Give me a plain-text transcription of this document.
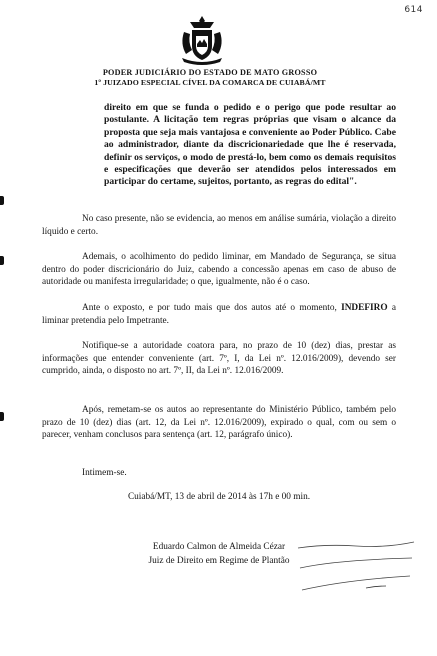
614
PODER JUDICIÁRIO DO ESTADO DE MATO GROSSO
1º JUIZADO ESPECIAL CÍVEL DA COMARCA DE CUIABÁ/MT

direito em que se funda o pedido e o perigo que pode resultar ao postulante. A licitação tem regras próprias que visam o alcance da proposta que seja mais vantajosa e conveniente ao Poder Público. Cabe ao administrador, diante da discricionariedade que lhe é reservada, definir os serviços, o modo de prestá-lo, bem como os demais requisitos e especificações que deverão ser atendidos pelos interessados em participar do certame, sujeitos, portanto, as regras do edital".

No caso presente, não se evidencia, ao menos em análise sumária, violação a direito líquido e certo.

Ademais, o acolhimento do pedido liminar, em Mandado de Segurança, se situa dentro do poder discricionário do Juiz, cabendo a concessão apenas em caso de abuso de autoridade ou manifesta irregularidade; o que, igualmente, não é o caso.

Ante o exposto, e por tudo mais que dos autos até o momento, INDEFIRO a liminar pretendia pelo Impetrante.

Notifique-se a autoridade coatora para, no prazo de 10 (dez) dias, prestar as informações que entender conveniente (art. 7º, I, da Lei nº. 12.016/2009), devendo ser cumprido, ainda, o disposto no art. 7º, II, da Lei nº. 12.016/2009.

Após, remetam-se os autos ao representante do Ministério Público, também pelo prazo de 10 (dez) dias (art. 12, da Lei nº. 12.016/2009), expirado o qual, com ou sem o parecer, venham conclusos para sentença (art. 12, parágrafo único).

Intimem-se.

Cuiabá/MT, 13 de abril de 2014 às 17h e 00 min.

Eduardo Calmon de Almeida Cézar

Juiz de Direito em Regime de Plantão
